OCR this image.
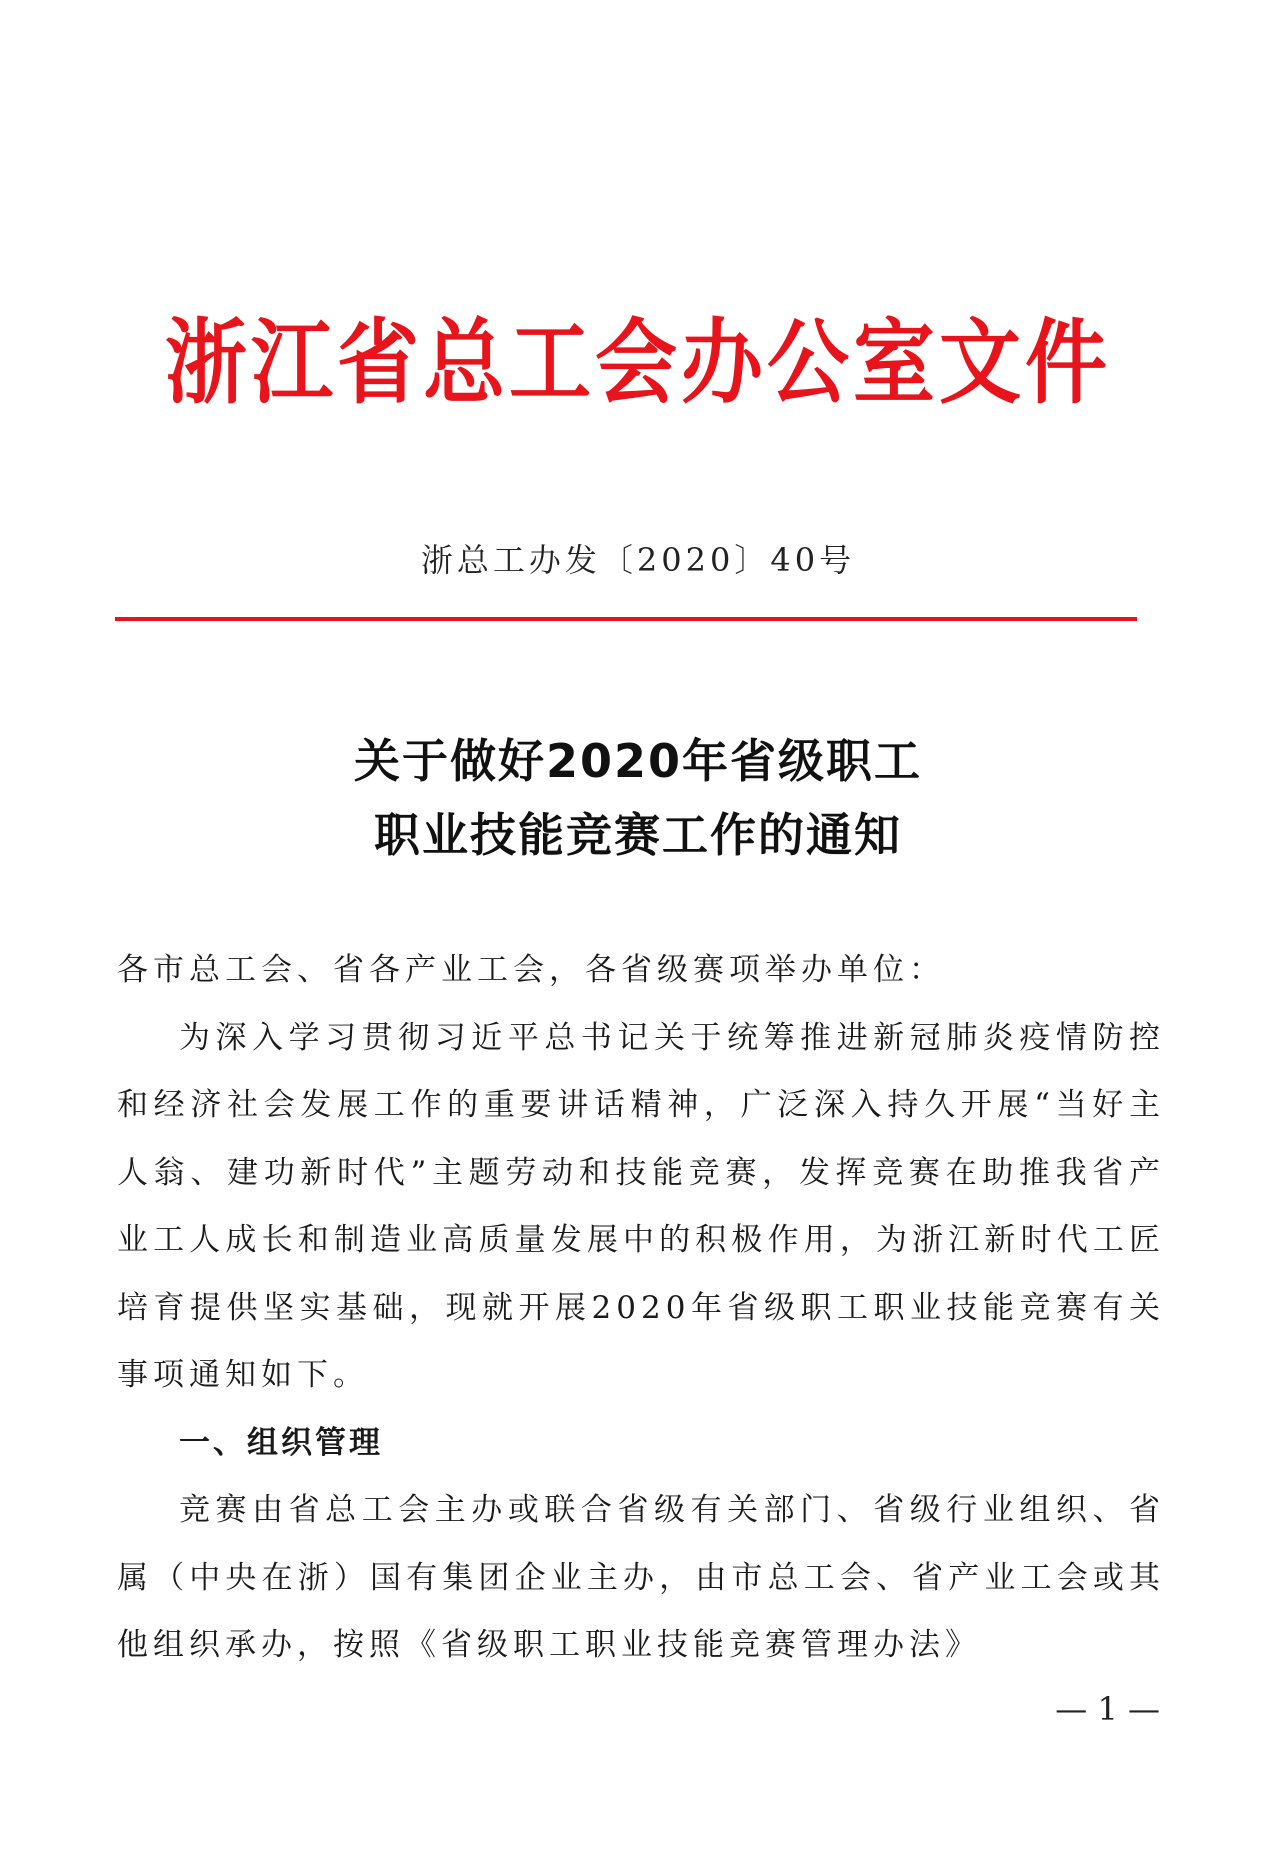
浙江省总工会办公室文件
浙总工办发〔2020〕40号
关于做好2020年省级职工
职业技能竞赛工作的通知

各市总工会、省各产业工会，各省级赛项举办单位：

为深入学习贯彻习近平总书记关于统筹推进新冠肺炎疫情防控和经济社会发展工作的重要讲话精神，广泛深入持久开展“当好主人翁、建功新时代”主题劳动和技能竞赛，发挥竞赛在助推我省产业工人成长和制造业高质量发展中的积极作用，为浙江新时代工匠培育提供坚实基础，现就开展2020年省级职工职业技能竞赛有关事项通知如下。

一、组织管理

竞赛由省总工会主办或联合省级有关部门、省级行业组织、省属（中央在浙）国有集团企业主办，由市总工会、省产业工会或其他组织承办，按照《省级职工职业技能竞赛管理办法》

— 1 —
